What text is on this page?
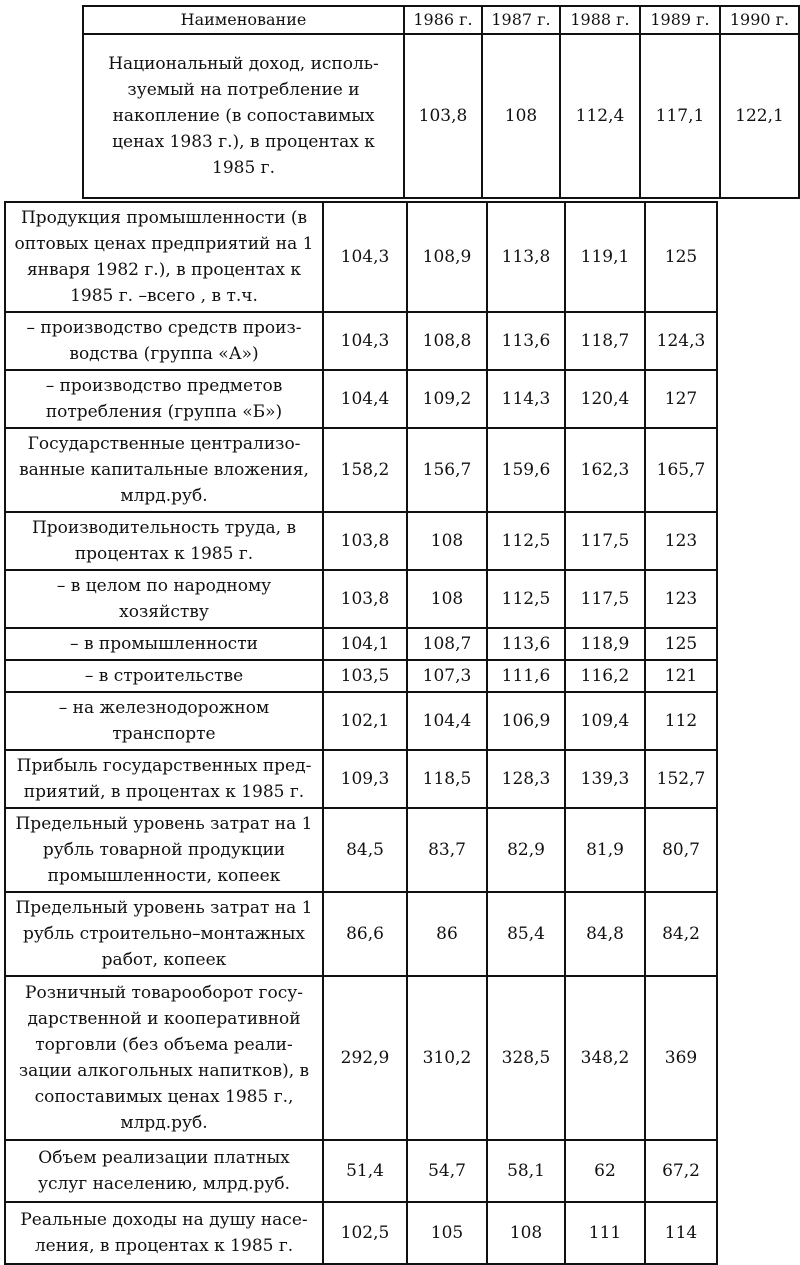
Наименование	1986 г.	1987 г.	1988 г.	1989 г.	1990 г.
Национальный доход, исполь-зуемый на потребление и накопление (в сопоставимых ценах 1983 г.), в процентах к 1985 г.	103,8	108	112,4	117,1	122,1
Продукция промышленности (в оптовых ценах предприятий на 1 января 1982 г.), в процентах к 1985 г. –всего , в т.ч.	104,3	108,9	113,8	119,1	125
– производство средств произ-водства (группа «А»)	104,3	108,8	113,6	118,7	124,3
– производство предметов потребления (группа «Б»)	104,4	109,2	114,3	120,4	127
Государственные централизо-ванные капитальные вложения, млрд.руб.	158,2	156,7	159,6	162,3	165,7
Производительность труда, в процентах к 1985 г.	103,8	108	112,5	117,5	123
– в целом по народному хозяйству	103,8	108	112,5	117,5	123
– в промышленности	104,1	108,7	113,6	118,9	125
– в строительстве	103,5	107,3	111,6	116,2	121
– на железнодорожном транспорте	102,1	104,4	106,9	109,4	112
Прибыль государственных пред-приятий, в процентах к 1985 г.	109,3	118,5	128,3	139,3	152,7
Предельный уровень затрат на 1 рубль товарной продукции промышленности, копеек	84,5	83,7	82,9	81,9	80,7
Предельный уровень затрат на 1 рубль строительно–монтажных работ, копеек	86,6	86	85,4	84,8	84,2
Розничный товарооборот госу-дарственной и кооперативной торговли (без объема реали-зации алкогольных напитков), в сопоставимых ценах 1985 г., млрд.руб.	292,9	310,2	328,5	348,2	369
Объем реализации платных услуг населению, млрд.руб.	51,4	54,7	58,1	62	67,2
Реальные доходы на душу насе-ления, в процентах к 1985 г.	102,5	105	108	111	114
